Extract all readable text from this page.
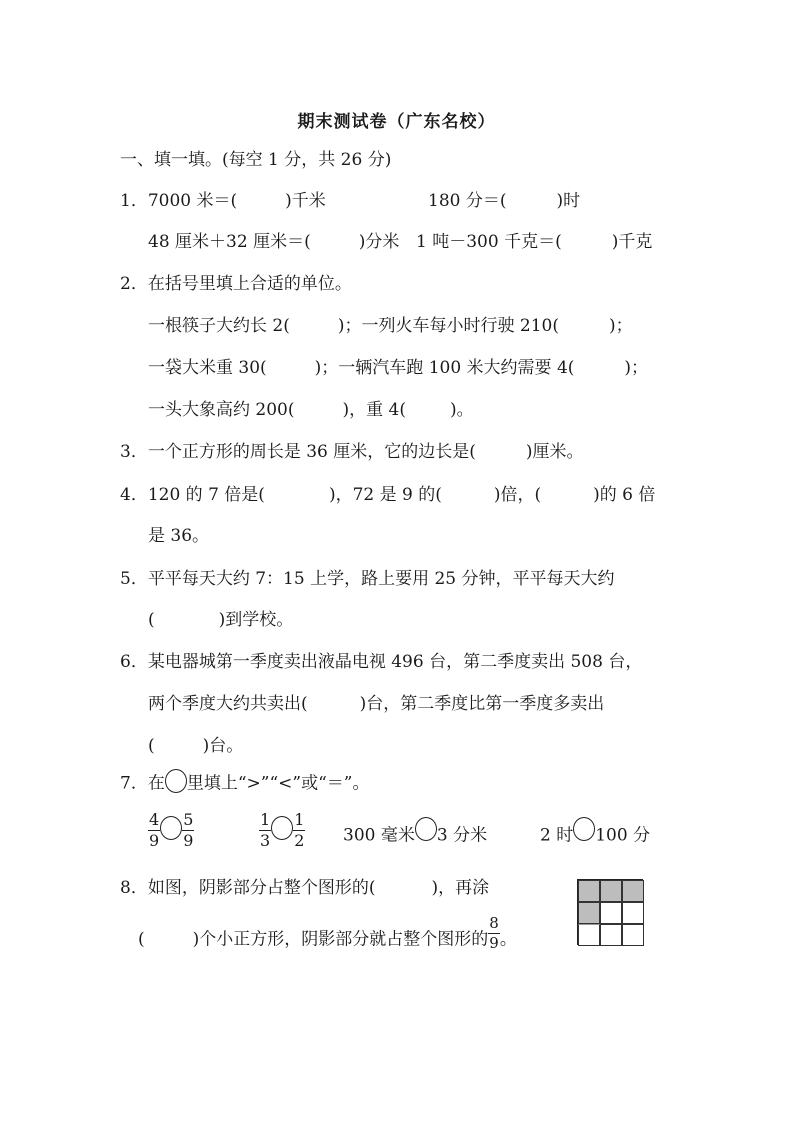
期末测试卷（广东名校）
一、填一填。(每空 1 分，共 26 分)
1．7000 米＝(	)千米	180 分＝(	)时
48 厘米＋32 厘米＝(	)分米 1 吨－300 千克＝(	)千克
2．在括号里填上合适的单位。
一根筷子大约长 2(	)；一列火车每小时行驶 210(	)；
一袋大米重 30(	)；一辆汽车跑 100 米大约需要 4(	)；
一头大象高约 200(	)，重 4(	)。
3．一个正方形的周长是 36 厘米，它的边长是(	)厘米。
4．120 的 7 倍是(	)，72 是 9 的(	)倍，(	)的 6 倍
是 36。
5．平平每天大约 7：15 上学，路上要用 25 分钟，平平每天大约
(	)到学校。
6．某电器城第一季度卖出液晶电视 496 台，第二季度卖出 508 台，
两个季度大约共卖出(	)台，第二季度比第一季度多卖出
(	)台。
7．在 里填上“>”“<”或“＝”。
$\frac{4}{9} \frac{5}{9}$	$\frac{1}{3} \frac{1}{2} 300$ 毫米 3 分米	2 时 100 分
8．如图，阴影部分占整个图形的(	)，再涂
(	)个小正方形，阴影部分就占整个图形的 $\frac{8}{9}$ 。
